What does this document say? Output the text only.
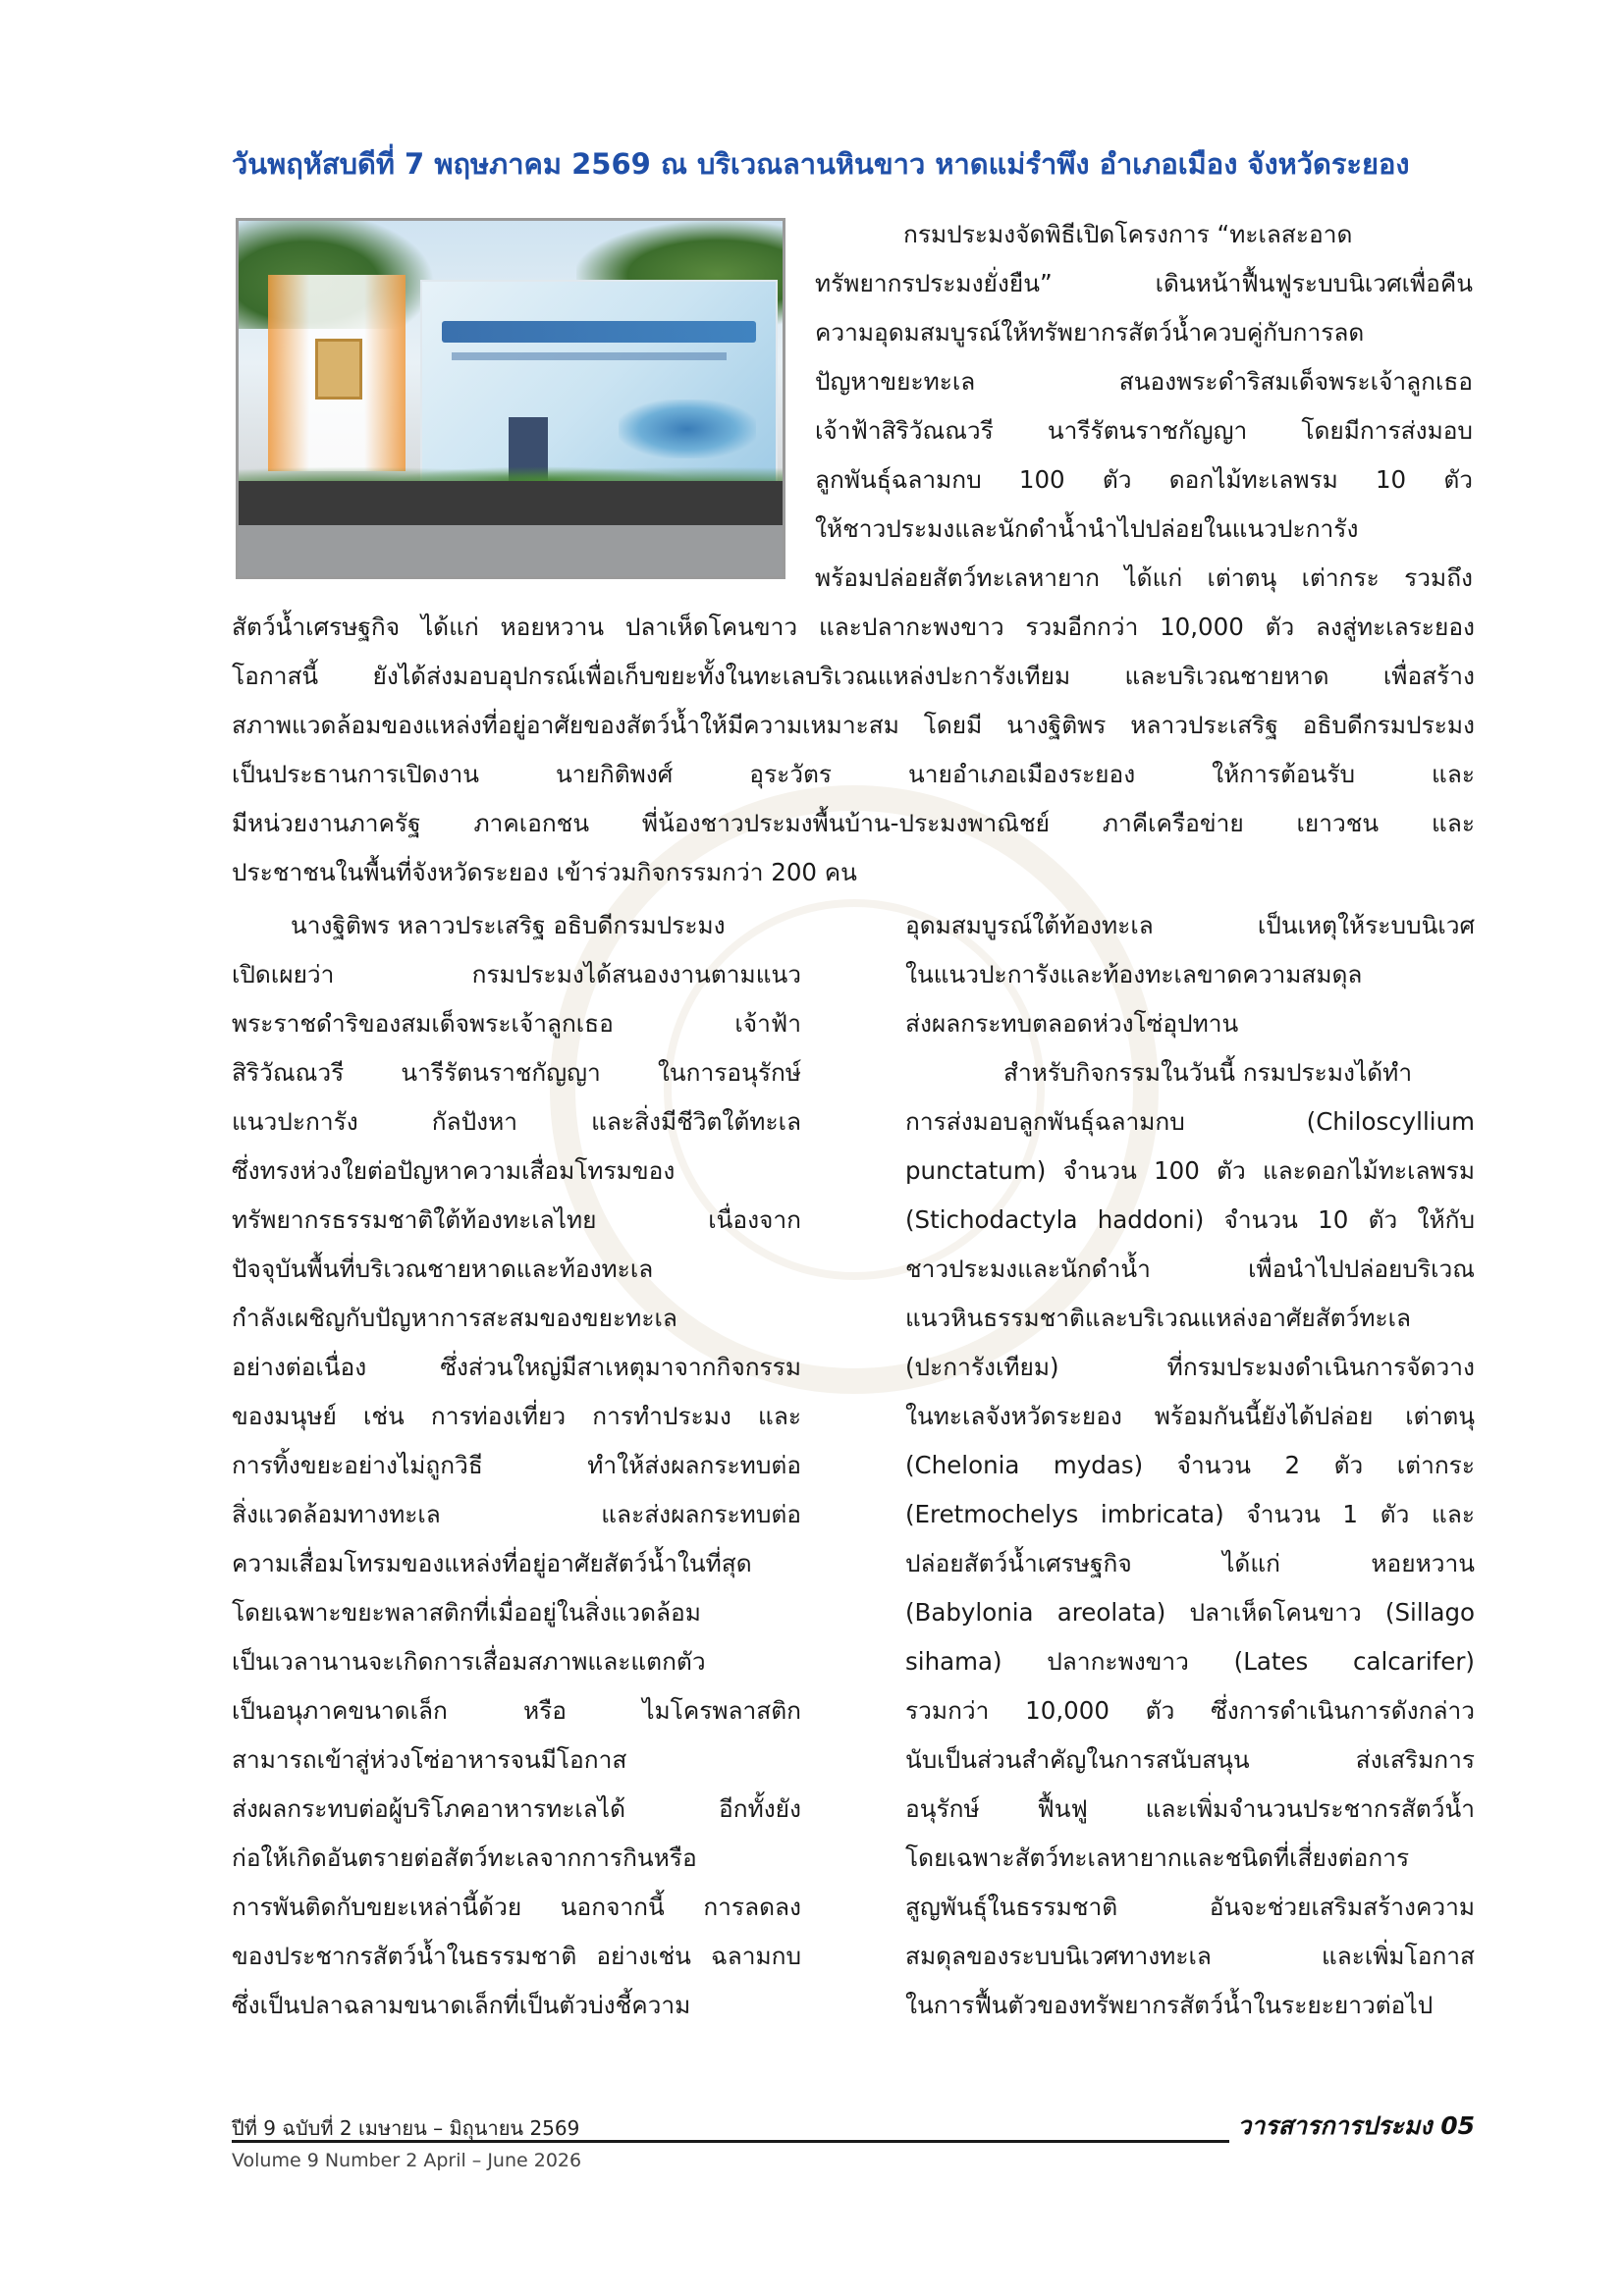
วันพฤหัสบดีที่ 7 พฤษภาคม 2569 ณ บริเวณลานหินขาว หาดแม่รำพึง อำเภอเมือง จังหวัดระยอง
กรมประมงจัดพิธีเปิดโครงการ “ทะเลสะอาด
ทรัพยากรประมงยั่งยืน” เดินหน้าฟื้นฟูระบบนิเวศเพื่อคืน
ความอุดมสมบูรณ์ให้ทรัพยากรสัตว์น้ำควบคู่กับการลด
ปัญหาขยะทะเล สนองพระดำริสมเด็จพระเจ้าลูกเธอ
เจ้าฟ้าสิริวัณณวรี นารีรัตนราชกัญญา โดยมีการส่งมอบ
ลูกพันธุ์ฉลามกบ 100 ตัว ดอกไม้ทะเลพรม 10 ตัว
ให้ชาวประมงและนักดำน้ำนำไปปล่อยในแนวปะการัง
พร้อมปล่อยสัตว์ทะเลหายาก ได้แก่ เต่าตนุ เต่ากระ รวมถึง
สัตว์น้ำเศรษฐกิจ ได้แก่ หอยหวาน ปลาเห็ดโคนขาว และปลากะพงขาว รวมอีกกว่า 10,000 ตัว ลงสู่ทะเลระยอง
โอกาสนี้ ยังได้ส่งมอบอุปกรณ์เพื่อเก็บขยะทั้งในทะเลบริเวณแหล่งปะการังเทียม และบริเวณชายหาด เพื่อสร้าง
สภาพแวดล้อมของแหล่งที่อยู่อาศัยของสัตว์น้ำให้มีความเหมาะสม โดยมี นางฐิติพร หลาวประเสริฐ อธิบดีกรมประมง
เป็นประธานการเปิดงาน นายกิติพงศ์ อุระวัตร นายอำเภอเมืองระยอง ให้การต้อนรับ และ
มีหน่วยงานภาครัฐ ภาคเอกชน พี่น้องชาวประมงพื้นบ้าน-ประมงพาณิชย์ ภาคีเครือข่าย เยาวชน และ
ประชาชนในพื้นที่จังหวัดระยอง เข้าร่วมกิจกรรมกว่า 200 คน
นางฐิติพร หลาวประเสริฐ อธิบดีกรมประมง
เปิดเผยว่า กรมประมงได้สนองงานตามแนว
พระราชดำริของสมเด็จพระเจ้าลูกเธอ เจ้าฟ้า
สิริวัณณวรี นารีรัตนราชกัญญา ในการอนุรักษ์
แนวปะการัง กัลปังหา และสิ่งมีชีวิตใต้ทะเล
ซึ่งทรงห่วงใยต่อปัญหาความเสื่อมโทรมของ
ทรัพยากรธรรมชาติใต้ท้องทะเลไทย เนื่องจาก
ปัจจุบันพื้นที่บริเวณชายหาดและท้องทะเล
กำลังเผชิญกับปัญหาการสะสมของขยะทะเล
อย่างต่อเนื่อง ซึ่งส่วนใหญ่มีสาเหตุมาจากกิจกรรม
ของมนุษย์ เช่น การท่องเที่ยว การทำประมง และ
การทิ้งขยะอย่างไม่ถูกวิธี ทำให้ส่งผลกระทบต่อ
สิ่งแวดล้อมทางทะเล และส่งผลกระทบต่อ
ความเสื่อมโทรมของแหล่งที่อยู่อาศัยสัตว์น้ำในที่สุด
โดยเฉพาะขยะพลาสติกที่เมื่ออยู่ในสิ่งแวดล้อม
เป็นเวลานานจะเกิดการเสื่อมสภาพและแตกตัว
เป็นอนุภาคขนาดเล็ก หรือ ไมโครพลาสติก
สามารถเข้าสู่ห่วงโซ่อาหารจนมีโอกาส
ส่งผลกระทบต่อผู้บริโภคอาหารทะเลได้ อีกทั้งยัง
ก่อให้เกิดอันตรายต่อสัตว์ทะเลจากการกินหรือ
การพันติดกับขยะเหล่านี้ด้วย นอกจากนี้ การลดลง
ของประชากรสัตว์น้ำในธรรมชาติ อย่างเช่น ฉลามกบ
ซึ่งเป็นปลาฉลามขนาดเล็กที่เป็นตัวบ่งชี้ความ
อุดมสมบูรณ์ใต้ท้องทะเล เป็นเหตุให้ระบบนิเวศ
ในแนวปะการังและท้องทะเลขาดความสมดุล
ส่งผลกระทบตลอดห่วงโซ่อุปทาน
สำหรับกิจกรรมในวันนี้ กรมประมงได้ทำ
การส่งมอบลูกพันธุ์ฉลามกบ (Chiloscyllium
punctatum) จำนวน 100 ตัว และดอกไม้ทะเลพรม
(Stichodactyla haddoni) จำนวน 10 ตัว ให้กับ
ชาวประมงและนักดำน้ำ เพื่อนำไปปล่อยบริเวณ
แนวหินธรรมชาติและบริเวณแหล่งอาศัยสัตว์ทะเล
(ปะการังเทียม) ที่กรมประมงดำเนินการจัดวาง
ในทะเลจังหวัดระยอง พร้อมกันนี้ยังได้ปล่อย เต่าตนุ
(Chelonia mydas) จำนวน 2 ตัว เต่ากระ
(Eretmochelys imbricata) จำนวน 1 ตัว และ
ปล่อยสัตว์น้ำเศรษฐกิจ ได้แก่ หอยหวาน
(Babylonia areolata) ปลาเห็ดโคนขาว (Sillago
sihama) ปลากะพงขาว (Lates calcarifer)
รวมกว่า 10,000 ตัว ซึ่งการดำเนินการดังกล่าว
นับเป็นส่วนสำคัญในการสนับสนุน ส่งเสริมการ
อนุรักษ์ ฟื้นฟู และเพิ่มจำนวนประชากรสัตว์น้ำ
โดยเฉพาะสัตว์ทะเลหายากและชนิดที่เสี่ยงต่อการ
สูญพันธุ์ในธรรมชาติ อันจะช่วยเสริมสร้างความ
สมดุลของระบบนิเวศทางทะเล และเพิ่มโอกาส
ในการฟื้นตัวของทรัพยากรสัตว์น้ำในระยะยาวต่อไป
ปีที่ 9 ฉบับที่ 2 เมษายน – มิถุนายน 2569	วารสารการประมง 05
Volume 9 Number 2 April – June 2026
